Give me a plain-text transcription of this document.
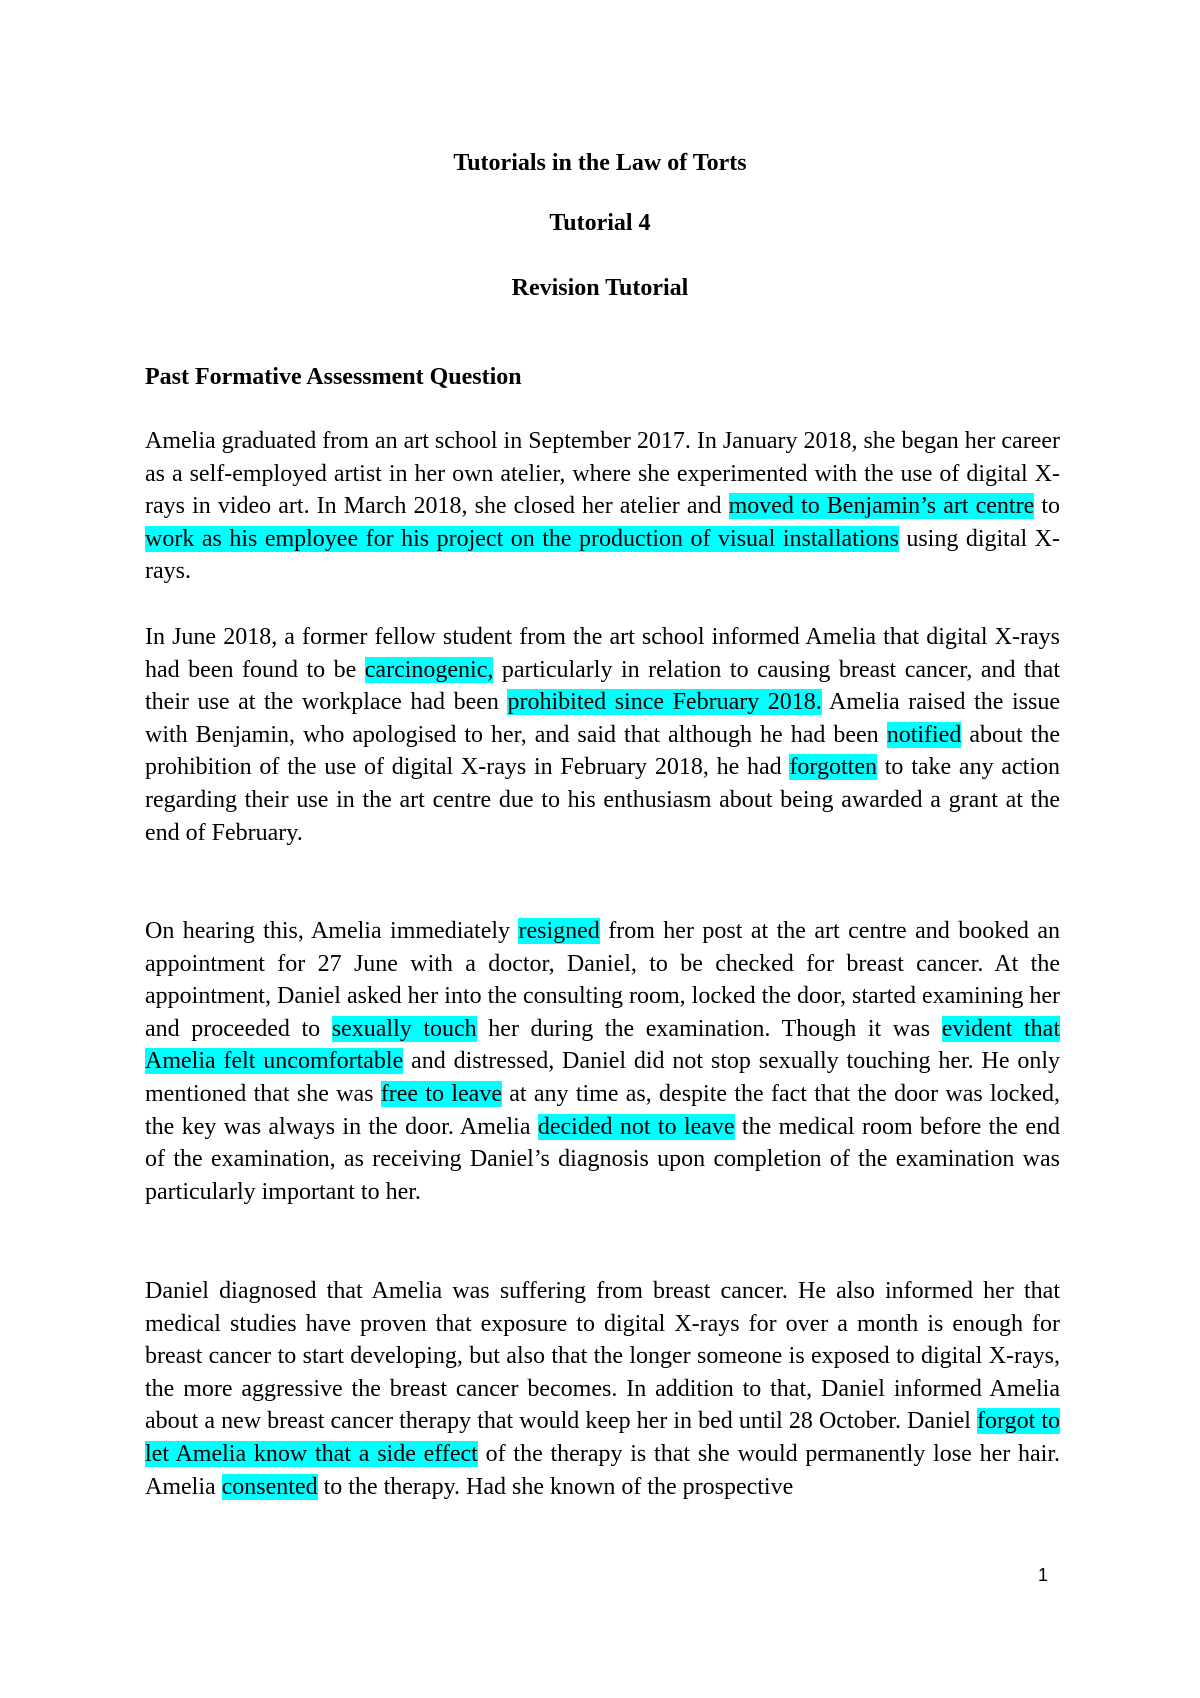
Tutorials in the Law of Torts
Tutorial 4
Revision Tutorial
Past Formative Assessment Question

Amelia graduated from an art school in September 2017. In January 2018, she began her career as a self-employed artist in her own atelier, where she experimented with the use of digital X-rays in video art. In March 2018, she closed her atelier and moved to Benjamin’s art centre to work as his employee for his project on the production of visual installations using digital X-rays.

In June 2018, a former fellow student from the art school informed Amelia that digital X-rays had been found to be carcinogenic, particularly in relation to causing breast cancer, and that their use at the workplace had been prohibited since February 2018. Amelia raised the issue with Benjamin, who apologised to her, and said that although he had been notified about the prohibition of the use of digital X-rays in February 2018, he had forgotten to take any action regarding their use in the art centre due to his enthusiasm about being awarded a grant at the end of February.

On hearing this, Amelia immediately resigned from her post at the art centre and booked an appointment for 27 June with a doctor, Daniel, to be checked for breast cancer. At the appointment, Daniel asked her into the consulting room, locked the door, started examining her and proceeded to sexually touch her during the examination. Though it was evident that Amelia felt uncomfortable and distressed, Daniel did not stop sexually touching her. He only mentioned that she was free to leave at any time as, despite the fact that the door was locked, the key was always in the door. Amelia decided not to leave the medical room before the end of the examination, as receiving Daniel’s diagnosis upon completion of the examination was particularly important to her.

Daniel diagnosed that Amelia was suffering from breast cancer. He also informed her that medical studies have proven that exposure to digital X-rays for over a month is enough for breast cancer to start developing, but also that the longer someone is exposed to digital X-rays, the more aggressive the breast cancer becomes. In addition to that, Daniel informed Amelia about a new breast cancer therapy that would keep her in bed until 28 October. Daniel forgot to let Amelia know that a side effect of the therapy is that she would permanently lose her hair. Amelia consented to the therapy. Had she known of the prospective

1
